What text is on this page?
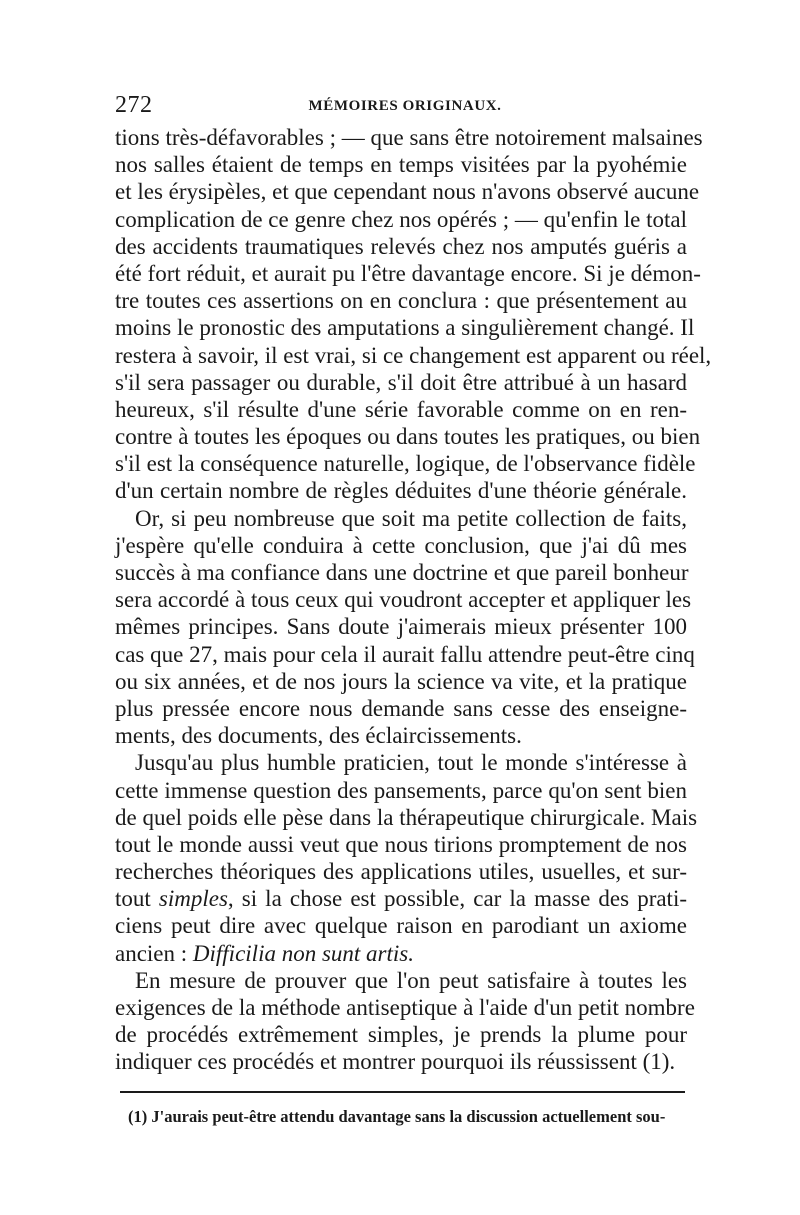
272	MÉMOIRES ORIGINAUX.
tions très-défavorables ; — que sans être notoirement malsaines
nos salles étaient de temps en temps visitées par la pyohémie
et les érysipèles, et que cependant nous n'avons observé aucune
complication de ce genre chez nos opérés ; — qu'enfin le total
des accidents traumatiques relevés chez nos amputés guéris a
été fort réduit, et aurait pu l'être davantage encore. Si je démon-
tre toutes ces assertions on en conclura : que présentement au
moins le pronostic des amputations a singulièrement changé. Il
restera à savoir, il est vrai, si ce changement est apparent ou réel,
s'il sera passager ou durable, s'il doit être attribué à un hasard
heureux, s'il résulte d'une série favorable comme on en ren-
contre à toutes les époques ou dans toutes les pratiques, ou bien
s'il est la conséquence naturelle, logique, de l'observance fidèle
d'un certain nombre de règles déduites d'une théorie générale.
Or, si peu nombreuse que soit ma petite collection de faits,
j'espère qu'elle conduira à cette conclusion, que j'ai dû mes
succès à ma confiance dans une doctrine et que pareil bonheur
sera accordé à tous ceux qui voudront accepter et appliquer les
mêmes principes. Sans doute j'aimerais mieux présenter 100
cas que 27, mais pour cela il aurait fallu attendre peut-être cinq
ou six années, et de nos jours la science va vite, et la pratique
plus pressée encore nous demande sans cesse des enseigne-
ments, des documents, des éclaircissements.
Jusqu'au plus humble praticien, tout le monde s'intéresse à
cette immense question des pansements, parce qu'on sent bien
de quel poids elle pèse dans la thérapeutique chirurgicale. Mais
tout le monde aussi veut que nous tirions promptement de nos
recherches théoriques des applications utiles, usuelles, et sur-
tout simples, si la chose est possible, car la masse des prati-
ciens peut dire avec quelque raison en parodiant un axiome
ancien : Difficilia non sunt artis.
En mesure de prouver que l'on peut satisfaire à toutes les
exigences de la méthode antiseptique à l'aide d'un petit nombre
de procédés extrêmement simples, je prends la plume pour
indiquer ces procédés et montrer pourquoi ils réussissent (1).
(1) J'aurais peut-être attendu davantage sans la discussion actuellement sou-
